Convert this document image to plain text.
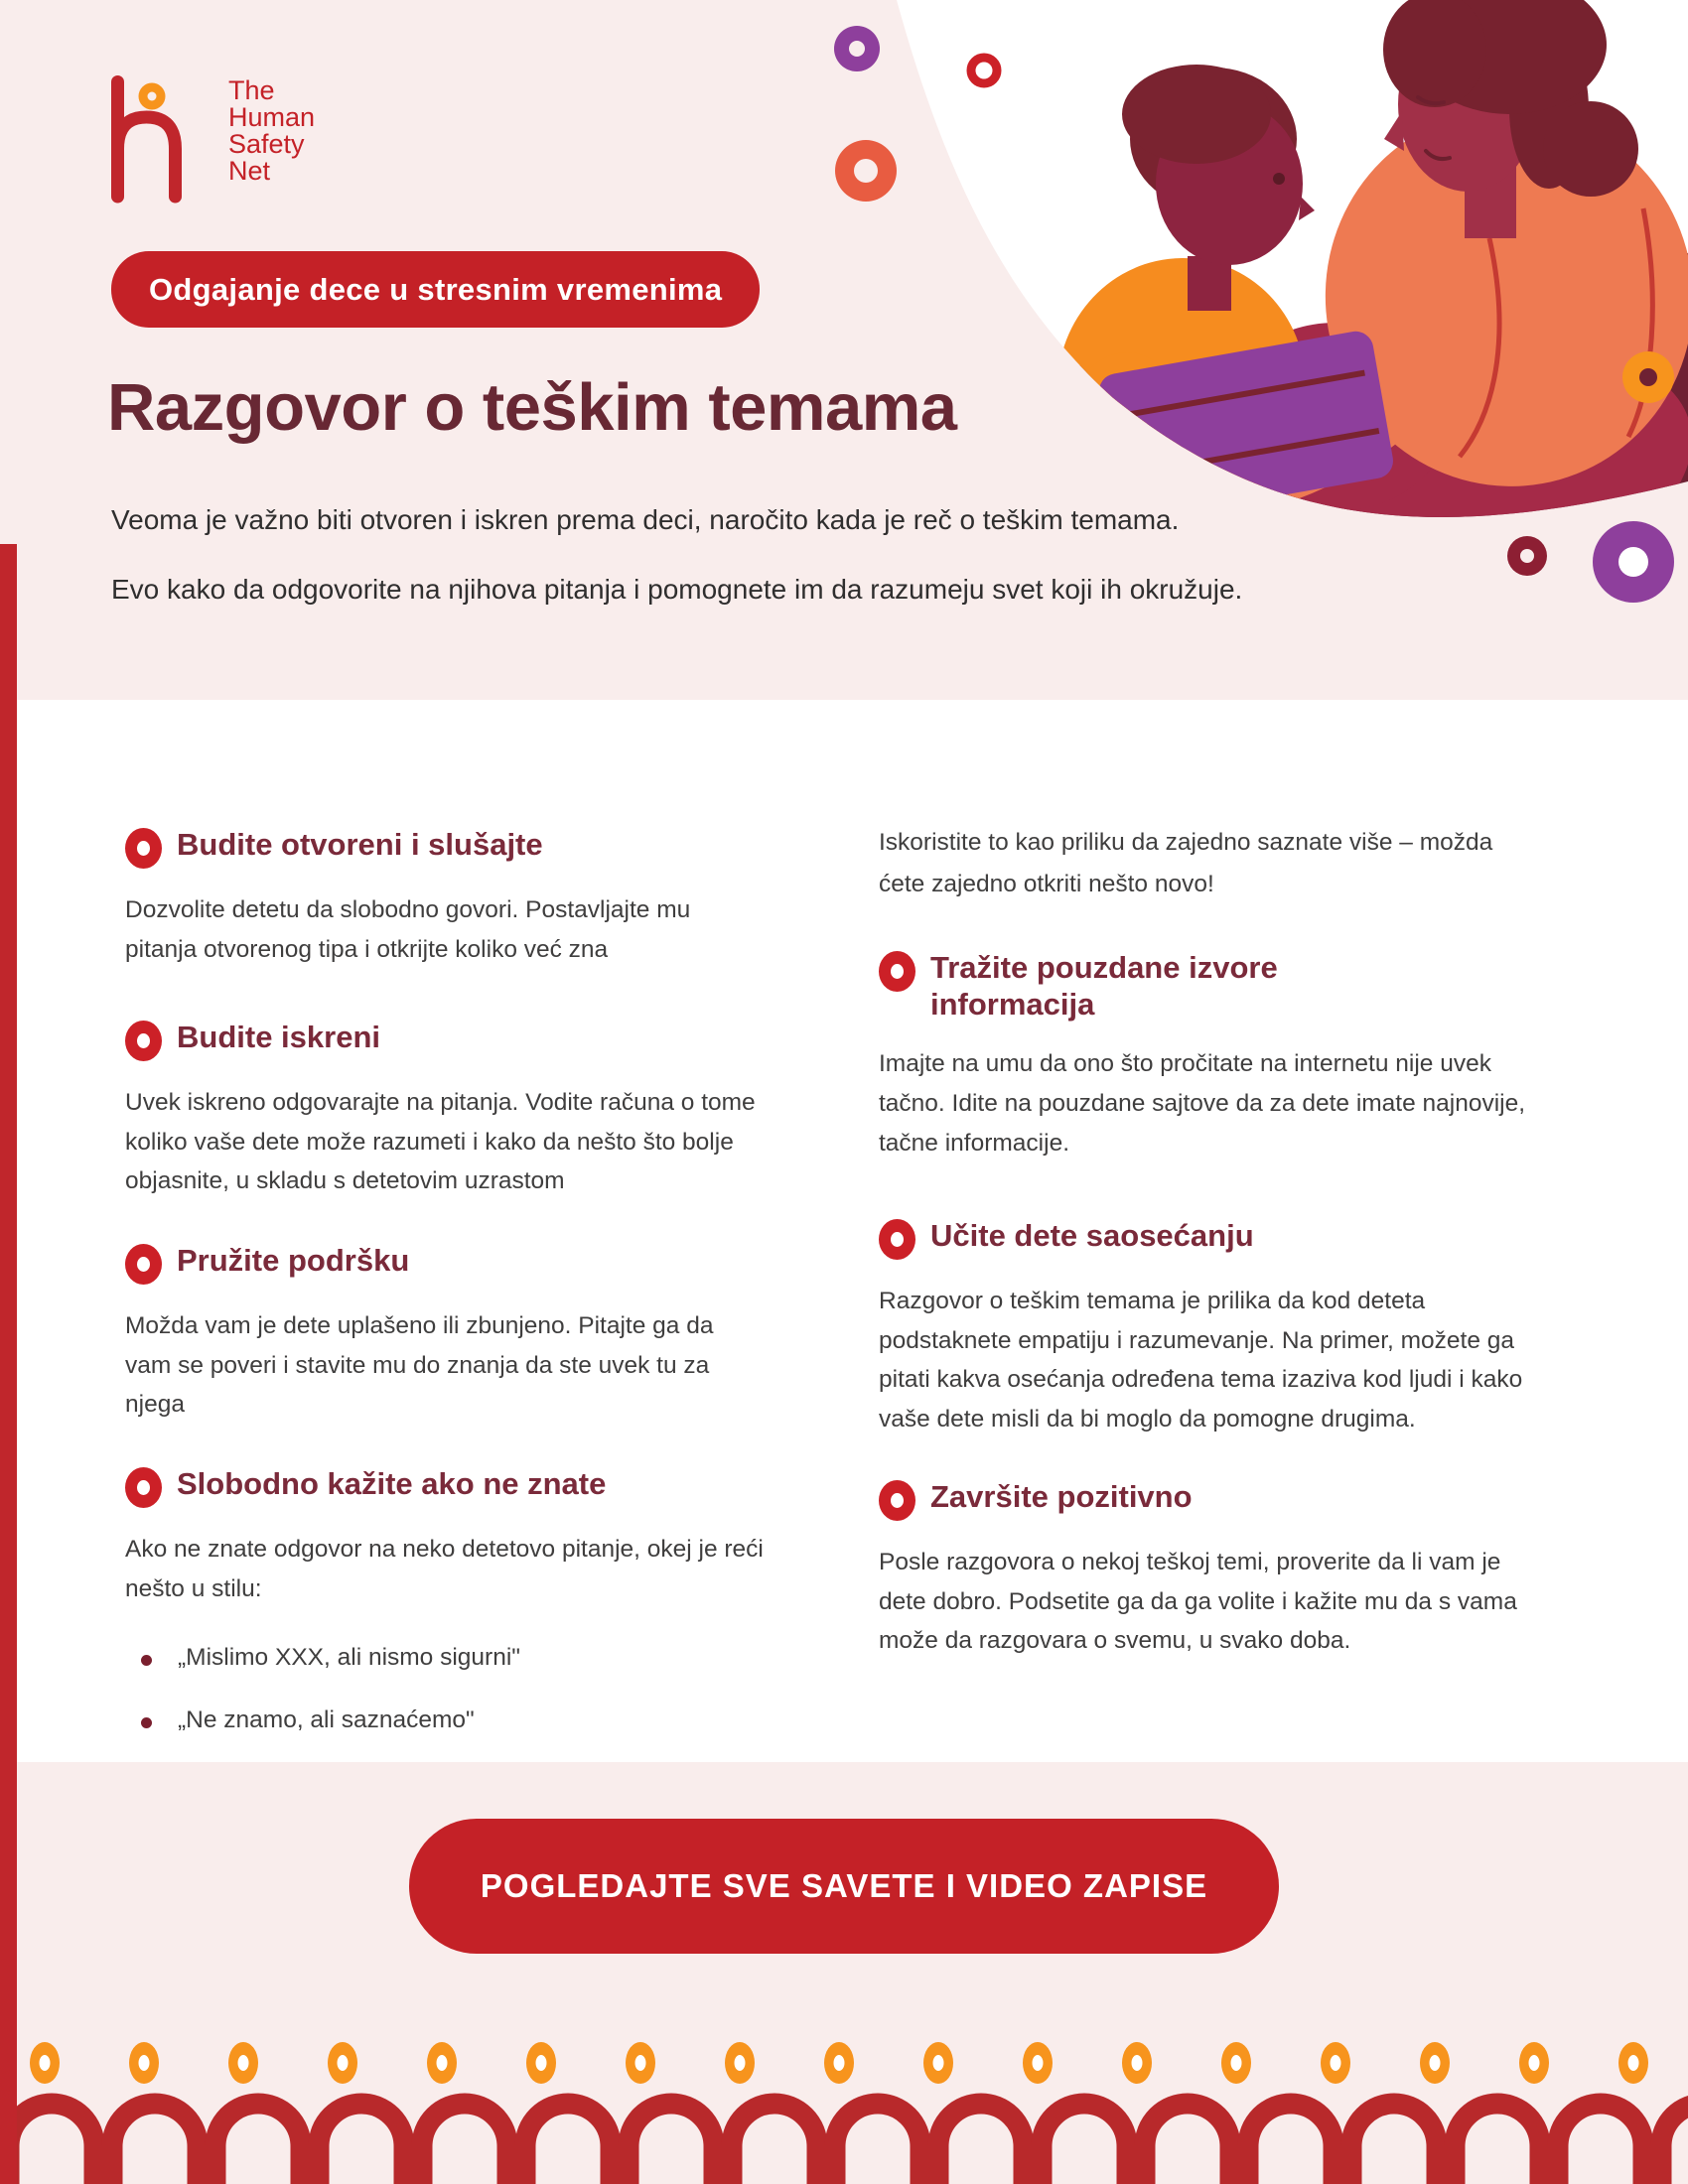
The
Human
Safety
Net
Odgajanje dece u stresnim vremenima
Razgovor o teškim temama

Veoma je važno biti otvoren i iskren prema deci, naročito kada je reč o teškim temama.

Evo kako da odgovorite na njihova pitanja i pomognete im da razumeju svet koji ih okružuje.

Budite otvoreni i slušajte

Dozvolite detetu da slobodno govori. Postavljajte mu pitanja otvorenog tipa i otkrijte koliko već zna

Budite iskreni

Uvek iskreno odgovarajte na pitanja. Vodite računa o tome koliko vaše dete može razumeti i kako da nešto što bolje objasnite, u skladu s detetovim uzrastom

Pružite podršku

Možda vam je dete uplašeno ili zbunjeno. Pitajte ga da vam se poveri i stavite mu do znanja da ste uvek tu za njega

Slobodno kažite ako ne znate

Ako ne znate odgovor na neko detetovo pitanje, okej je reći nešto u stilu:

„Mislimo XXX, ali nismo sigurni"
„Ne znamo, ali saznaćemo"

Iskoristite to kao priliku da zajedno saznate više – možda ćete zajedno otkriti nešto novo!

Tražite pouzdane izvore informacija

Imajte na umu da ono što pročitate na internetu nije uvek tačno. Idite na pouzdane sajtove da za dete imate najnovije, tačne informacije.

Učite dete saosećanju

Razgovor o teškim temama je prilika da kod deteta podstaknete empatiju i razumevanje. Na primer, možete ga pitati kakva osećanja određena tema izaziva kod ljudi i kako vaše dete misli da bi moglo da pomogne drugima.

Završite pozitivno

Posle razgovora o nekoj teškoj temi, proverite da li vam je dete dobro. Podsetite ga da ga volite i kažite mu da s vama može da razgovara o svemu, u svako doba.

POGLEDAJTE SVE SAVETE I VIDEO ZAPISE
